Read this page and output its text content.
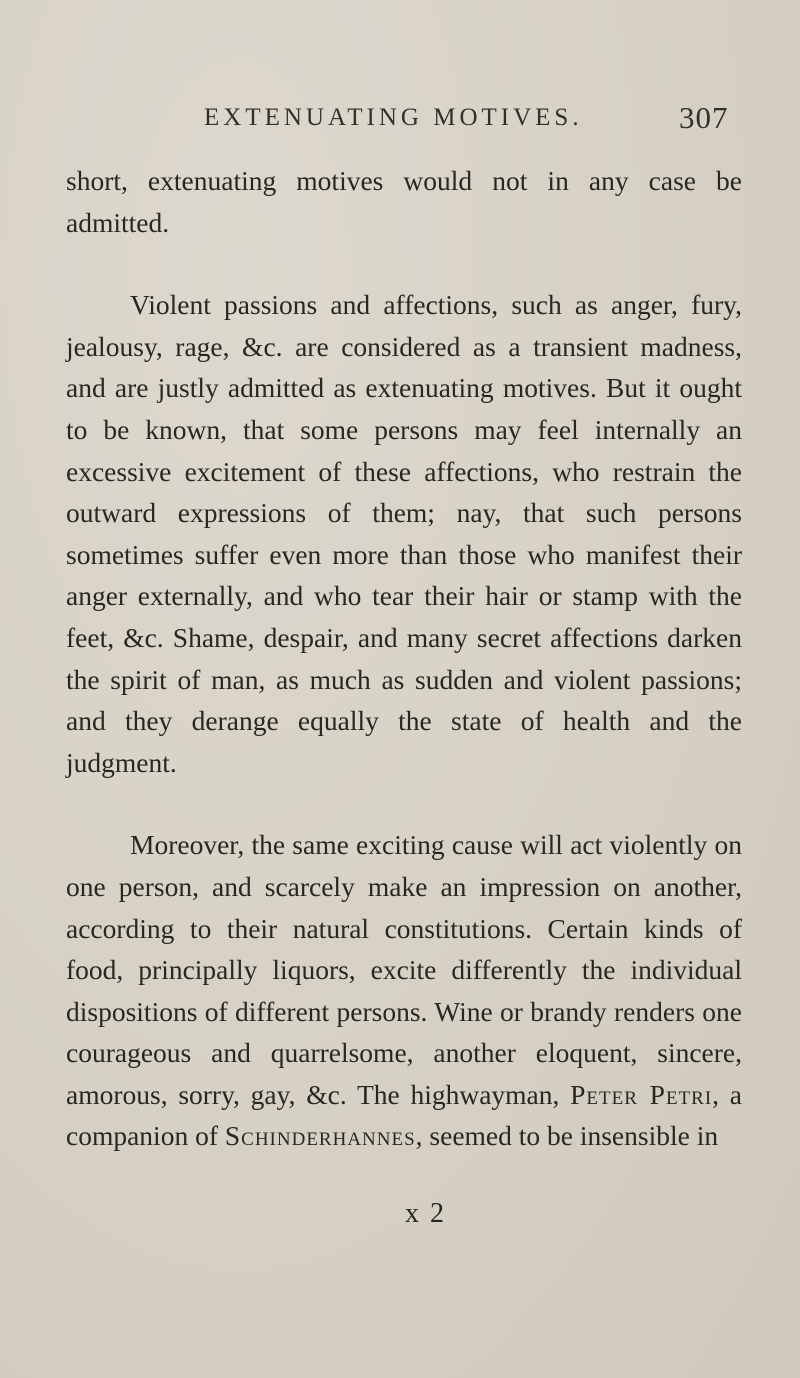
EXTENUATING MOTIVES.	307

short, extenuating motives would not in any case be admitted.

Violent passions and affections, such as anger, fury, jealousy, rage, &c. are considered as a transient madness, and are justly admitted as extenuating motives. But it ought to be known, that some persons may feel internally an excessive excitement of these affections, who restrain the outward expressions of them; nay, that such persons sometimes suffer even more than those who manifest their anger externally, and who tear their hair or stamp with the feet, &c. Shame, despair, and many secret affections darken the spirit of man, as much as sudden and violent passions; and they derange equally the state of health and the judgment.

Moreover, the same exciting cause will act violently on one person, and scarcely make an impression on another, according to their natural constitutions. Certain kinds of food, principally liquors, excite differently the individual dispositions of different persons. Wine or brandy renders one courageous and quarrelsome, another eloquent, sincere, amorous, sorry, gay, &c. The highwayman, Peter Petri, a companion of Schinderhannes, seemed to be insensible in

x 2
